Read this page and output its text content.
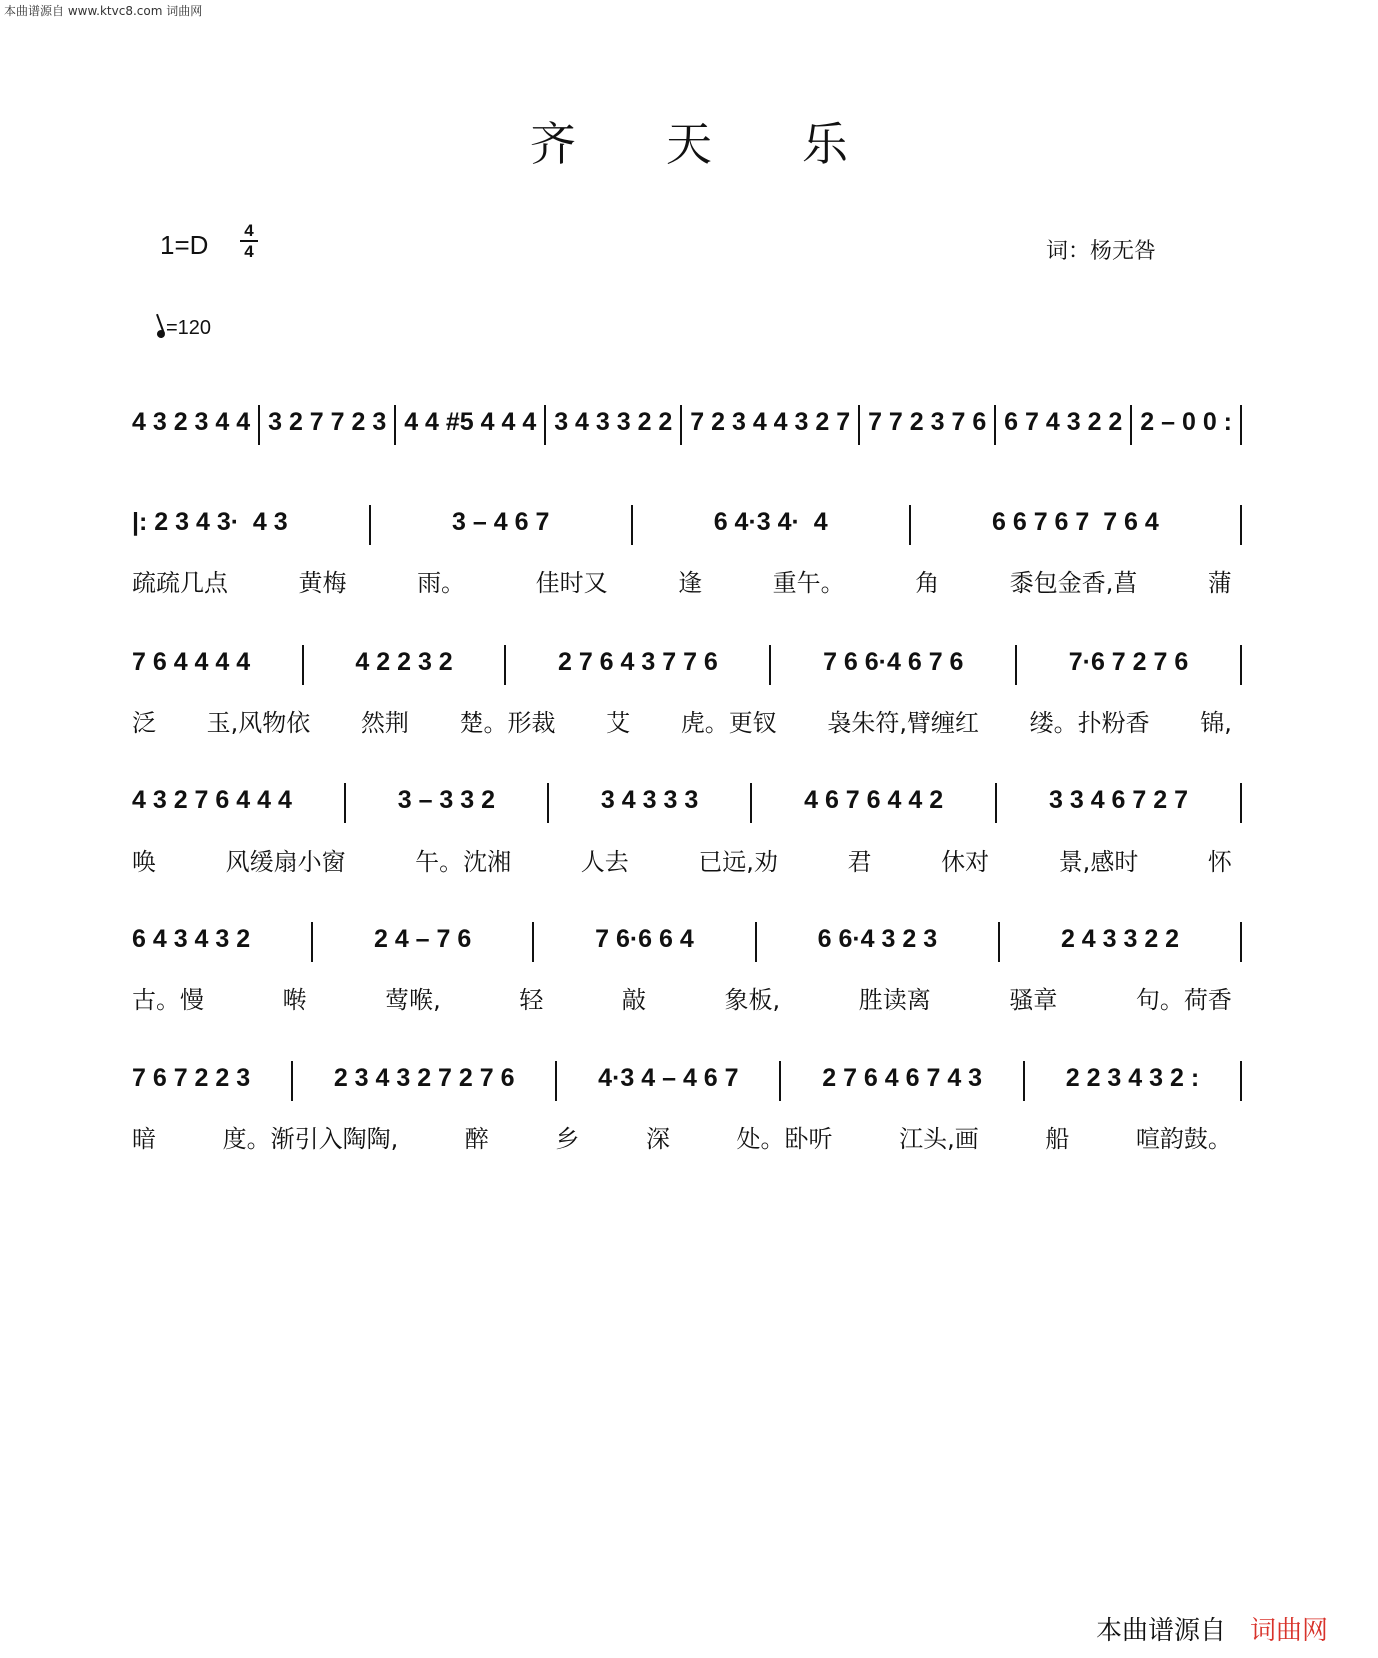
本曲谱源自 www.ktvc8.com 词曲网
齐天乐
1=D 4
4	词：杨无咎
=120
4 3 2 3 4 4 3 2 7 7 2 3 4 4 #5 4 4 4 3 4 3 3 2 2 7 2 3 4 4 3 2 7 7 7 2 3 7 6 6 7 4 3 2 2 2 – 0 0 :
|: 2 3 4 3·  4 3	3 – 4 6 7	6 4·3 4·  4	6 6 7 6 7  7 6 4
疏疏几点	黄梅	雨。	佳时又	逢	重午。	角	黍包金香,菖	蒲
7 6 4 4 4 4	4 2 2 3 2	2 7 6 4 3 7 7 6	7 6 6·4 6 7 6	7·6 7 2 7 6
泛 玉,风物依 然荆 楚。形裁 艾 虎。更钗 袅朱符,臂缠红 缕。扑粉香 锦,
4 3 2 7 6 4 4 4	3 – 3 3 2	3 4 3 3 3	4 6 7 6 4 4 2	3 3 4 6 7 2 7
唤	风缓扇小窗	午。沈湘	人去	已远,劝	君	休对	景,感时	怀
6 4 3 4 3 2	2 4 – 7 6	7 6·6 6 4	6 6·4 3 2 3	2 4 3 3 2 2
古。慢	啭	莺喉,	轻	敲	象板,	胜读离	骚章	句。荷香
7 6 7 2 2 3	2 3 4 3 2 7 2 7 6	4·3 4 – 4 6 7	2 7 6 4 6 7 4 3	2 2 3 4 3 2 :
暗	度。渐引入陶陶,	醉	乡	深	处。卧听	江头,画	船	喧韵鼓。
本曲谱源自 词曲网
